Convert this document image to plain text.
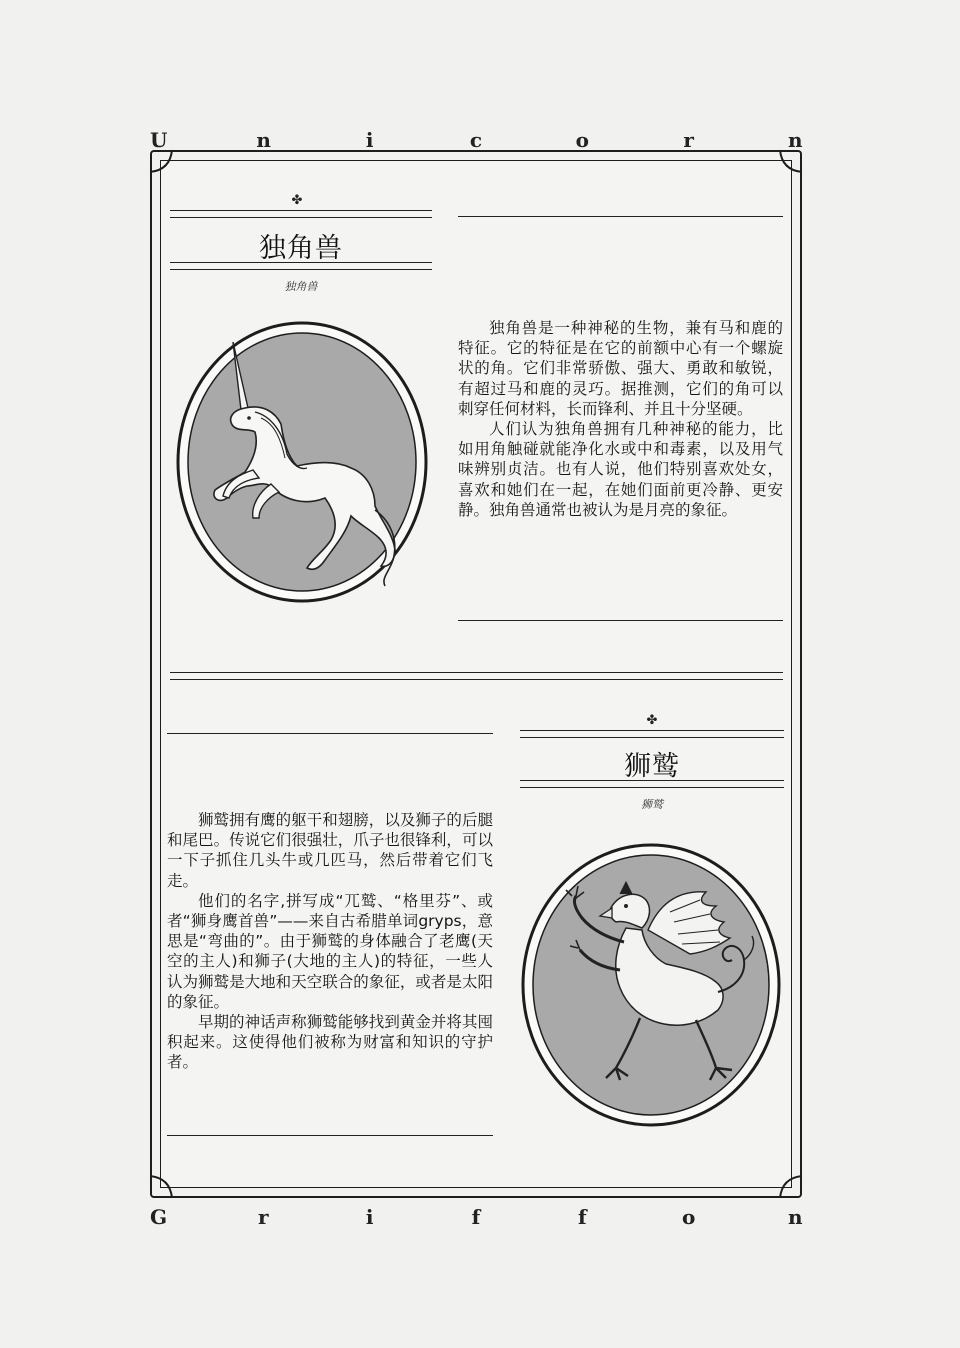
U	n	i	c	o	r	n
✤
独角兽
独角兽

独角兽是一种神秘的生物，兼有马和鹿的特征。它的特征是在它的前额中心有一个螺旋状的角。它们非常骄傲、强大、勇敢和敏锐，有超过马和鹿的灵巧。据推测，它们的角可以刺穿任何材料，长而锋利、并且十分坚硬。

人们认为独角兽拥有几种神秘的能力，比如用角触碰就能净化水或中和毒素，以及用气味辨别贞洁。也有人说，他们特别喜欢处女，喜欢和她们在一起，在她们面前更冷静、更安静。独角兽通常也被认为是月亮的象征。

狮鹫拥有鹰的躯干和翅膀，以及狮子的后腿和尾巴。传说它们很强壮，爪子也很锋利，可以一下子抓住几头牛或几匹马，然后带着它们飞走。

他们的名字,拼写成“兀鹫、“格里芬”、或者“狮身鹰首兽”——来自古希腊单词gryps，意思是“弯曲的”。由于狮鹫的身体融合了老鹰(天空的主人)和狮子(大地的主人)的特征，一些人认为狮鹫是大地和天空联合的象征，或者是太阳的象征。

早期的神话声称狮鹫能够找到黄金并将其囤积起来。这使得他们被称为财富和知识的守护者。

✤
狮鹫
狮鹫
G	r	i	f	f	o	n
